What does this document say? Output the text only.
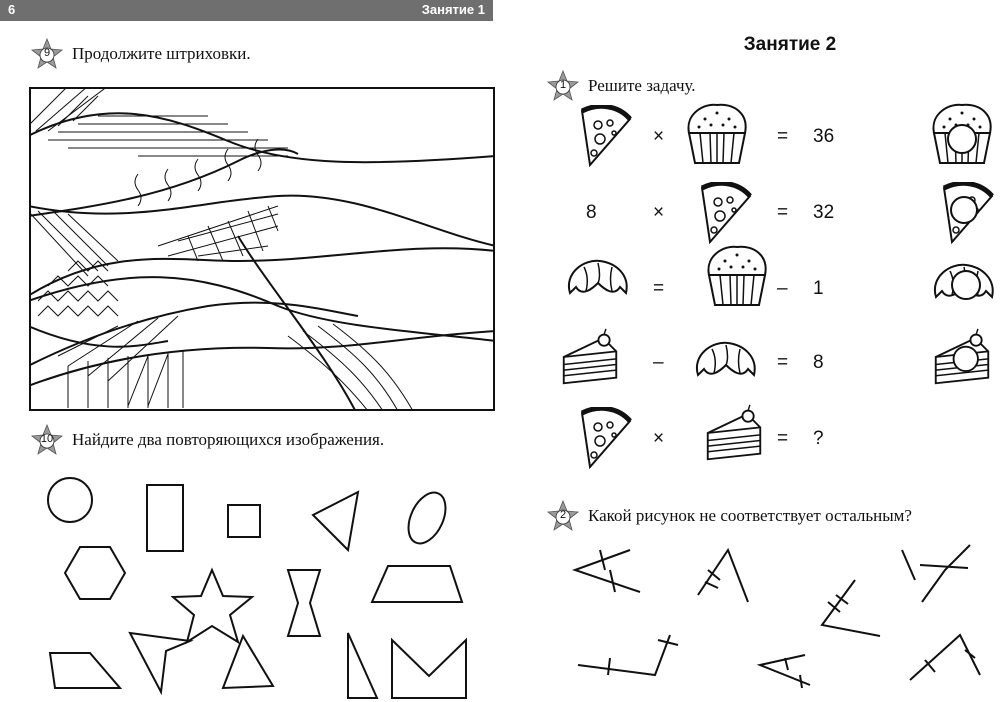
6	Занятие 1
Занятие 2
9	Продолжите штриховки.
10	Найдите два повторяющихся изображения.
1	Решите задачу.
×	= 36
8	×	= 32
=	– 1
–	= 8
×	= ?
2	Какой рисунок не соответствует остальным?
